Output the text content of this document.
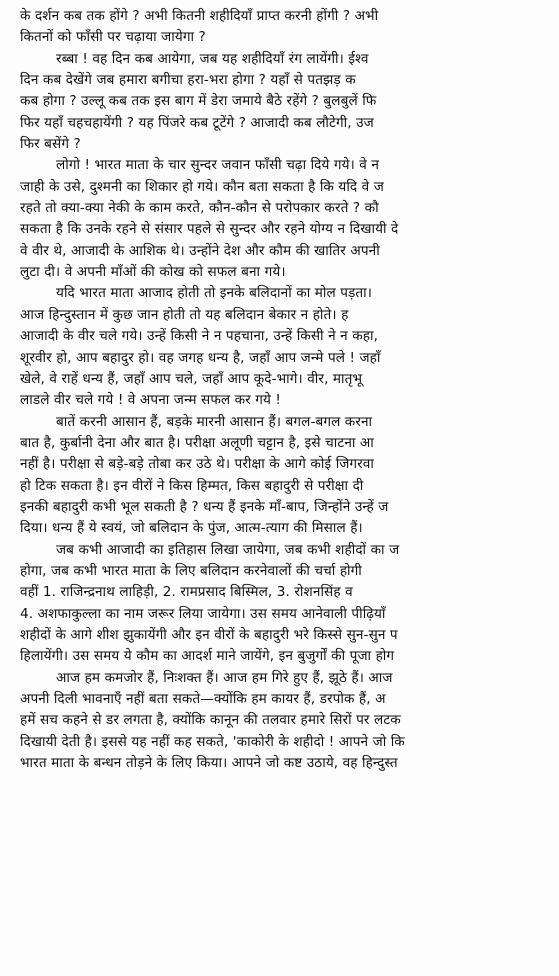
के दर्शन कब तक होंगे ? अभी कितनी शहीदियाँ प्राप्त करनी होंगी ? अभी
कितनों को फाँसी पर चढ़ाया जायेगा ?
रब्बा ! वह दिन कब आयेगा, जब यह शहीदियाँ रंग लायेंगी। ईश्व
दिन कब देखेंगे जब हमारा बगीचा हरा-भरा होगा ? यहाँ से पतझड़ क
कब होगा ? उल्लू कब तक इस बाग में डेरा जमाये बैठे रहेंगे ? बुलबुलें फि
फिर यहाँ चहचहायेंगी ? यह पिंजरे कब टूटेंगे ? आजादी कब लौटेगी, उज
फिर बसेंगे ?
लोगो ! भारत माता के चार सुन्दर जवान फाँसी चढ़ा दिये गये। वे न
जाही के उसे, दुश्मनी का शिकार हो गये। कौन बता सकता है कि यदि वे ज
रहते तो क्या-क्या नेकी के काम करते, कौन-कौन से परोपकार करते ? कौ
सकता है कि उनके रहने से संसार पहले से सुन्दर और रहने योग्य न दिखायी दे
वे वीर थे, आजादी के आशिक थे। उन्होंने देश और कौम की खातिर अपनी
लुटा दी। वे अपनी माँओं की कोख को सफल बना गये।
यदि भारत माता आजाद होती तो इनके बलिदानों का मोल पड़ता।
आज हिन्दुस्तान में कुछ जान होती तो यह बलिदान बेकार न होते। ह
आजादी के वीर चले गये। उन्हें किसी ने न पहचाना, उन्हें किसी ने न कहा,
शूरवीर हो, आप बहादुर हो। वह जगह धन्य है, जहाँ आप जन्मे पले ! जहाँ
खेले, वे राहें धन्य हैं, जहाँ आप चले, जहाँ आप कूदे-भागे। वीर, मातृभू
लाडले वीर चले गये ! वे अपना जन्म सफल कर गये !
बातें करनी आसान हैं, बड़के मारनी आसान हैं। बगल-बगल करना
बात है, कुर्बानी देना और बात है। परीक्षा अलूणी चट्टान है, इसे चाटना आ
नहीं है। परीक्षा से बड़े-बड़े तोबा कर उठे थे। परीक्षा के आगे कोई जिगरवा
हो टिक सकता है। इन वीरों ने किस हिम्मत, किस बहादुरी से परीक्षा दी
इनकी बहादुरी कभी भूल सकती है ? धन्य हैं इनके माँ-बाप, जिन्होंने उन्हें ज
दिया। धन्य हैं ये स्वयं, जो बलिदान के पुंज, आत्म-त्याग की मिसाल हैं।
जब कभी आजादी का इतिहास लिखा जायेगा, जब कभी शहीदों का ज
होगा, जब कभी भारत माता के लिए बलिदान करनेवालों की चर्चा होगी
वहीं 1. राजिन्द्रनाथ लाहिड़ी, 2. रामप्रसाद बिस्मिल, 3. रोशनसिंह व
4. अशफाकुल्ला का नाम जरूर लिया जायेगा। उस समय आनेवाली पीढ़ियाँ
शहीदों के आगे शीश झुकायेंगी और इन वीरों के बहादुरी भरे किस्से सुन-सुन प
हिलायेंगी। उस समय ये कौम का आदर्श माने जायेंगे, इन बुजुर्गों की पूजा होग
आज हम कमजोर हैं, निःशक्त हैं। आज हम गिरे हुए हैं, झूठे हैं। आज
अपनी दिली भावनाएँ नहीं बता सकते—क्योंकि हम कायर हैं, डरपोक हैं, अ
हमें सच कहने से डर लगता है, क्योंकि कानून की तलवार हमारे सिरों पर लटक
दिखायी देती है। इससे यह नहीं कह सकते, 'काकोरी के शहीदो ! आपने जो कि
भारत माता के बन्धन तोड़ने के लिए किया। आपने जो कष्ट उठाये, वह हिन्दुस्त
